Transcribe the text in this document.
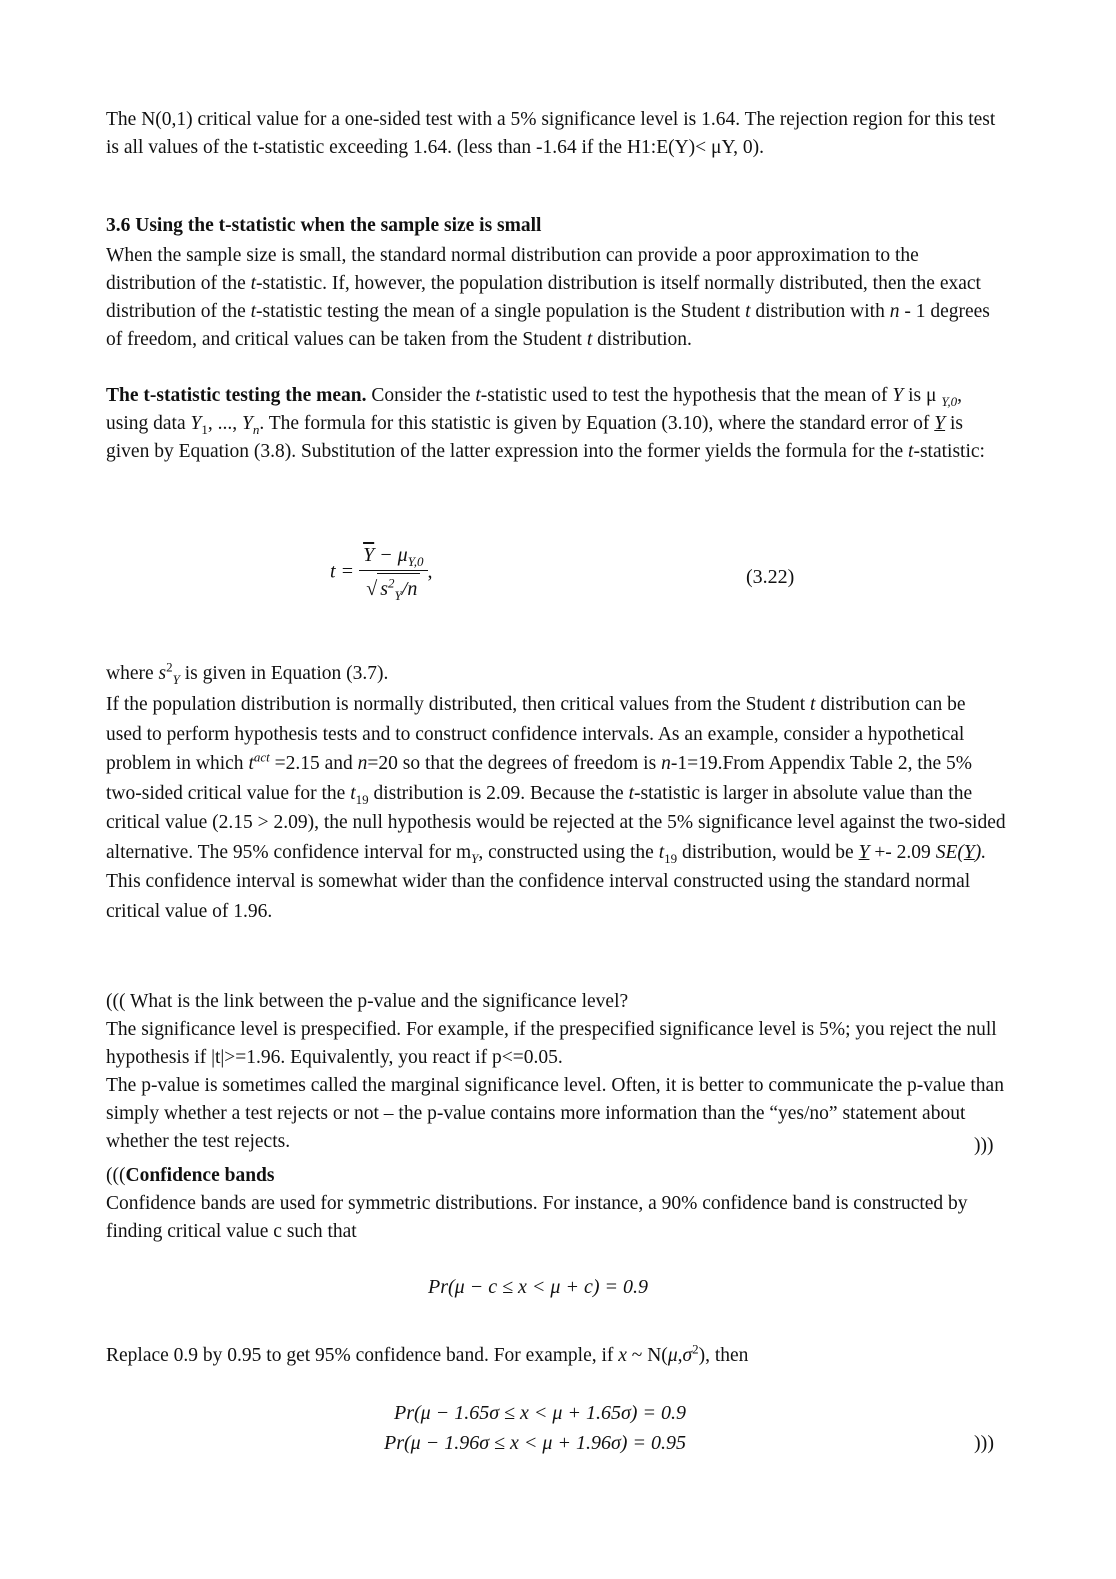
The N(0,1) critical value for a one-sided test with a 5% significance level is 1.64. The rejection region for this test is all values of the t-statistic exceeding 1.64. (less than -1.64 if the H1:E(Y)< μY, 0).

3.6 Using the t-statistic when the sample size is small

When the sample size is small, the standard normal distribution can provide a poor approximation to the distribution of the t-statistic. If, however, the population distribution is itself normally distributed, then the exact distribution of the t-statistic testing the mean of a single population is the Student t distribution with n - 1 degrees of freedom, and critical values can be taken from the Student t distribution.

The t-statistic testing the mean. Consider the t-statistic used to test the hypothesis that the mean of Y is μ $_{Y,0}$, using data $Y_1$, ..., $Y_n$. The formula for this statistic is given by Equation (3.10), where the standard error of Y is given by Equation (3.8). Substitution of the latter expression into the former yields the formula for the t-statistic:

$t = \frac{\overline{Y} - \mu_{Y,0}}{√ s^2_Y/n}$ ,	(3.22)

where $s^2_Y$ is given in Equation (3.7).

If the population distribution is normally distributed, then critical values from the Student t distribution can be used to perform hypothesis tests and to construct confidence intervals. As an example, consider a hypothetical problem in which $t^{act} =2.15$ and n=20 so that the degrees of freedom is n-1=19.From Appendix Table 2, the 5% two-sided critical value for the $t_{19}$ distribution is 2.09. Because the t-statistic is larger in absolute value than the critical value (2.15 > 2.09), the null hypothesis would be rejected at the 5% significance level against the two-sided alternative. The 95% confidence interval for $m_Y$, constructed using the $t_{19}$ distribution, would be Y +- 2.09 SE(Y).
This confidence interval is somewhat wider than the confidence interval constructed using the standard normal critical value of 1.96.

((( What is the link between the p-value and the significance level?
The significance level is prespecified. For example, if the prespecified significance level is 5%; you reject the null hypothesis if |t|>=1.96. Equivalently, you react if p<=0.05.
The p-value is sometimes called the marginal significance level. Often, it is better to communicate the p-value than simply whether a test rejects or not – the p-value contains more information than the “yes/no” statement about whether the test rejects.	)))

(((Confidence bands
Confidence bands are used for symmetric distributions. For instance, a 90% confidence band is constructed by finding critical value c such that

Pr(μ − c ≤ x < μ + c) = 0.9

Replace 0.9 by 0.95 to get 95% confidence band. For example, if x ~ $N(\mu,\sigma^2)$, then

Pr(μ − 1.65σ ≤ x < μ + 1.65σ) = 0.9
Pr(μ − 1.96σ ≤ x < μ + 1.96σ) = 0.95	)))
